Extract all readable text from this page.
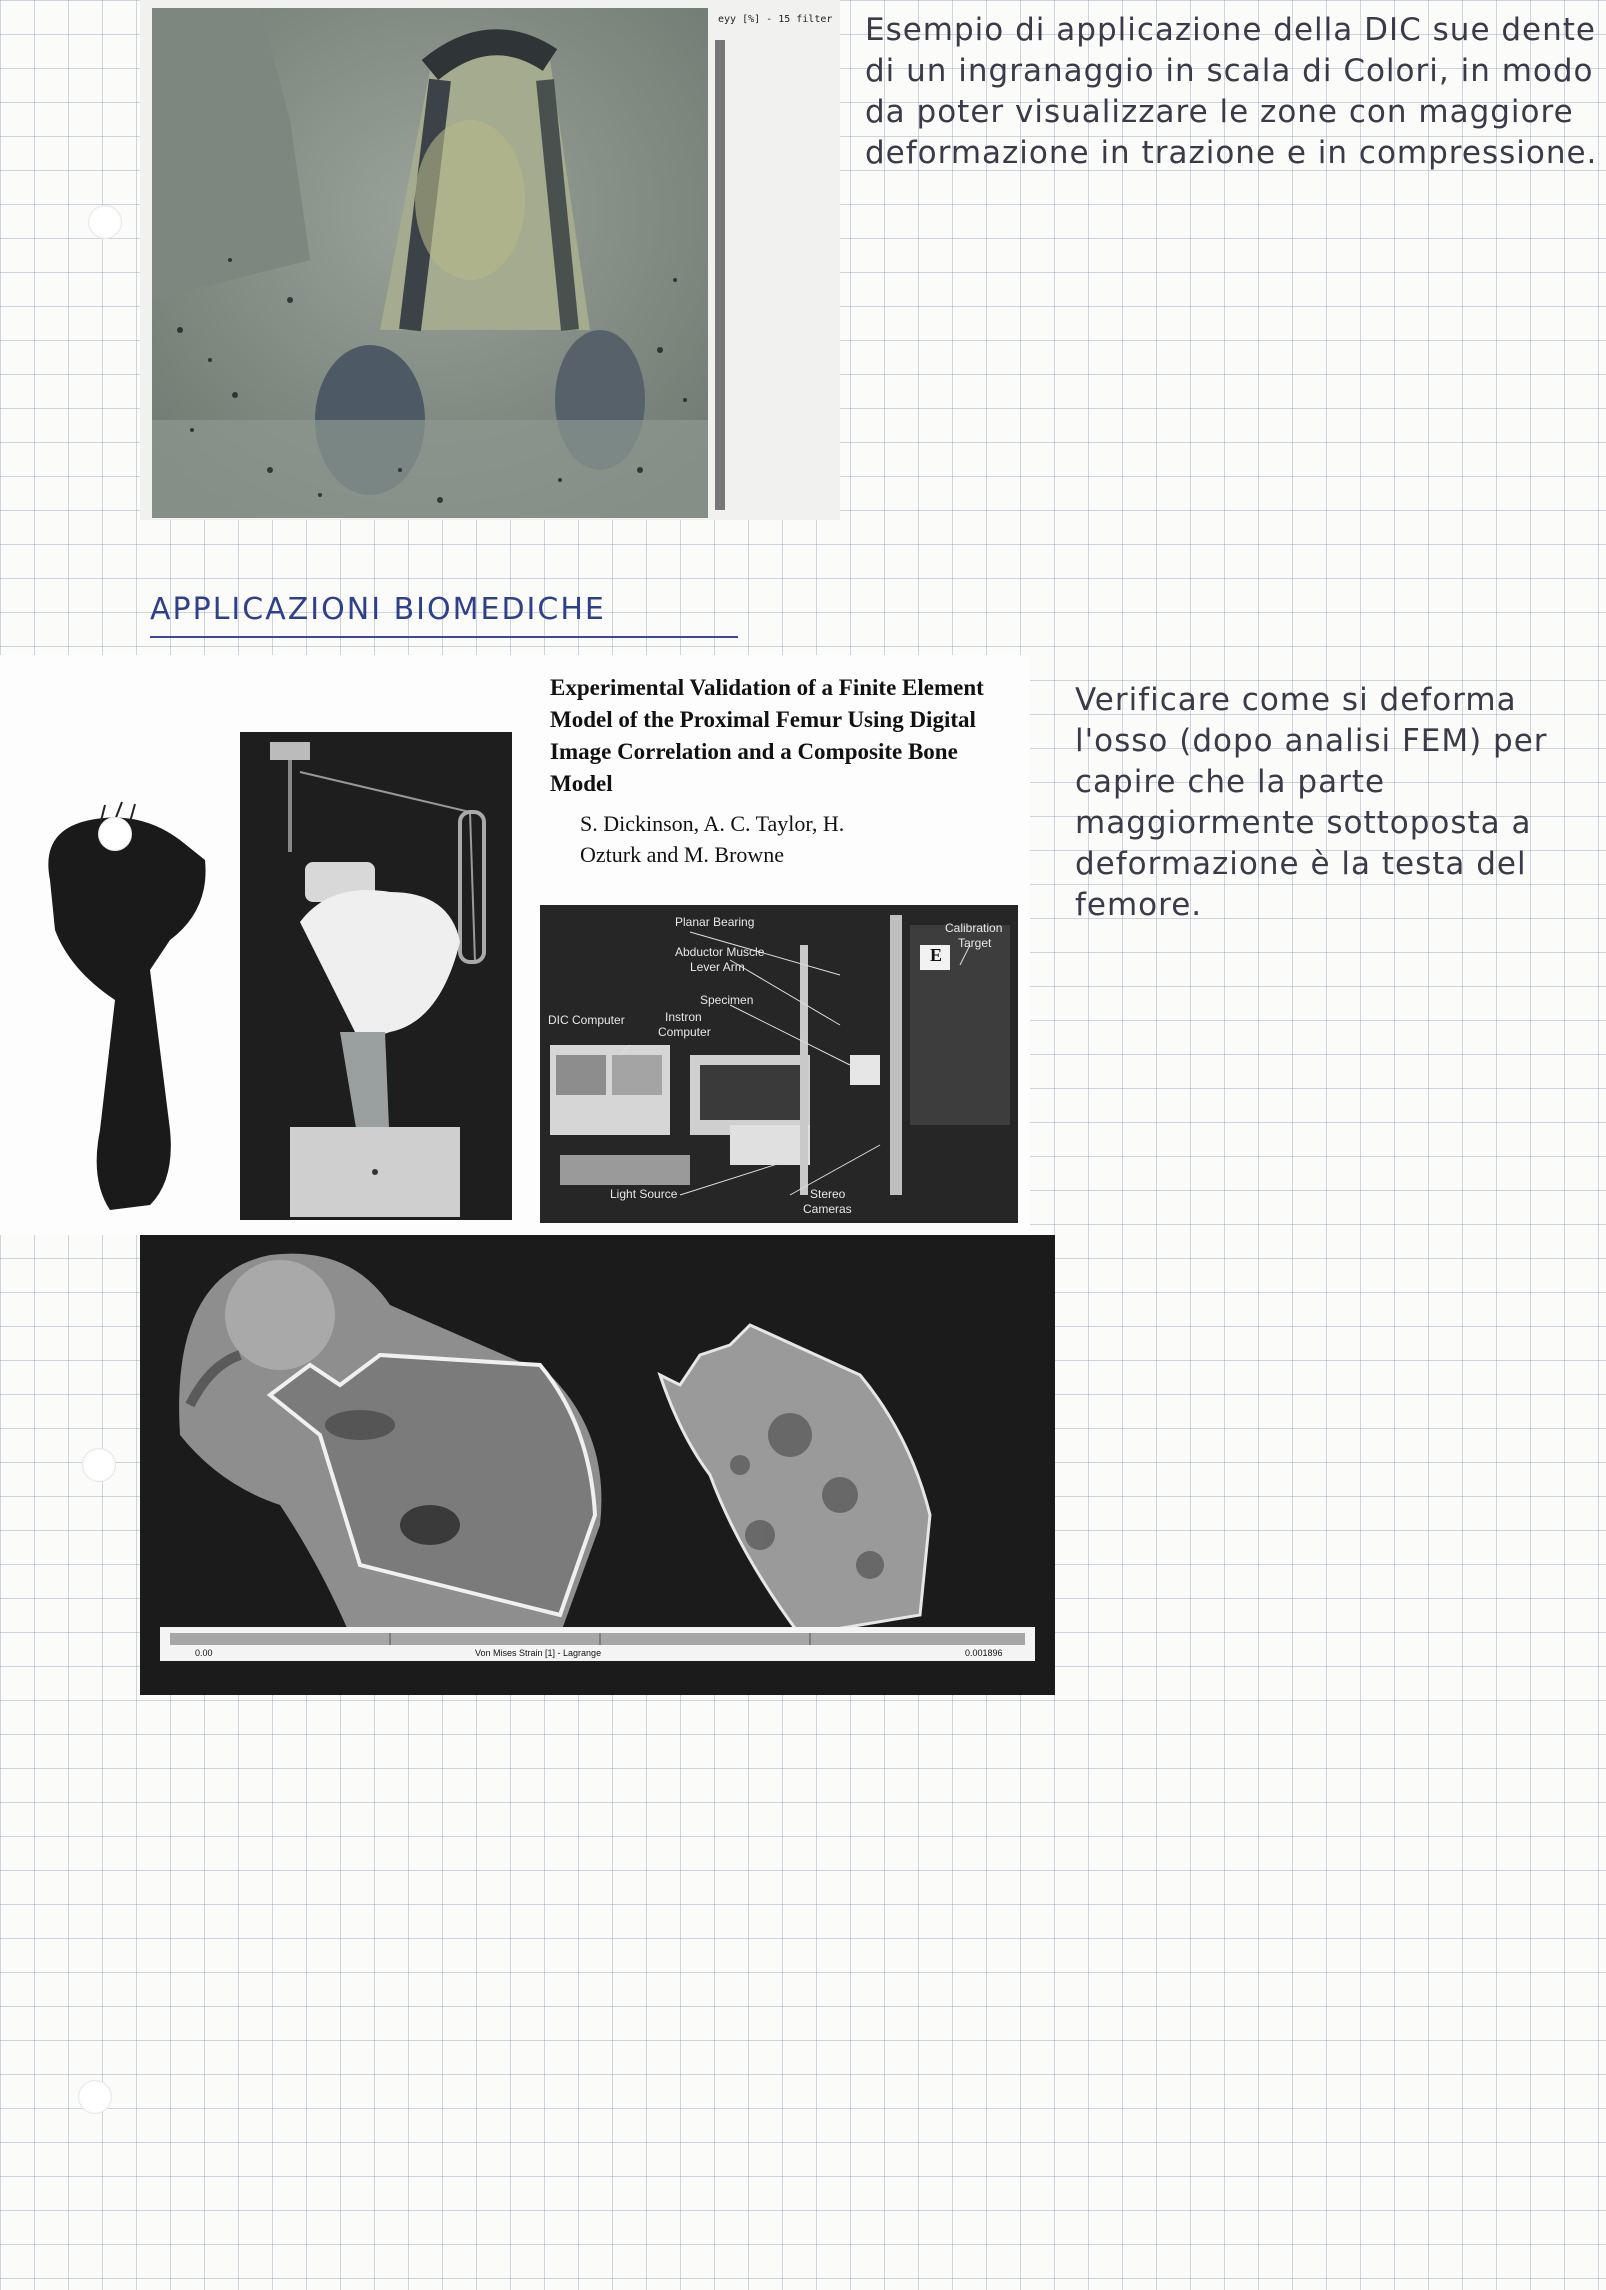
eyy [%] - 15 filter Esempio di applicazione della DIC sue dente di un ingranaggio in scala di Colori, in modo da poter visualizzare le zone con maggiore deformazione in trazione e in compressione.
APPLICAZIONI BIOMEDICHE
Experimental Validation of a Finite Element Model of the Proximal Femur Using Digital Image Correlation and a Composite Bone Model
S. Dickinson, A. C. Taylor, H. Ozturk and M. Browne
E
Planar Bearing
Abductor Muscle
Lever Arm
Calibration
Target
Specimen
DIC Computer	Instron
Computer
Light Source	Stereo
Cameras
Verificare come si deforma l'osso (dopo analisi FEM) per capire che la parte maggiormente sottoposta a deformazione è la testa del femore.
0.00	Von Mises Strain [1] - Lagrange	0.001896
